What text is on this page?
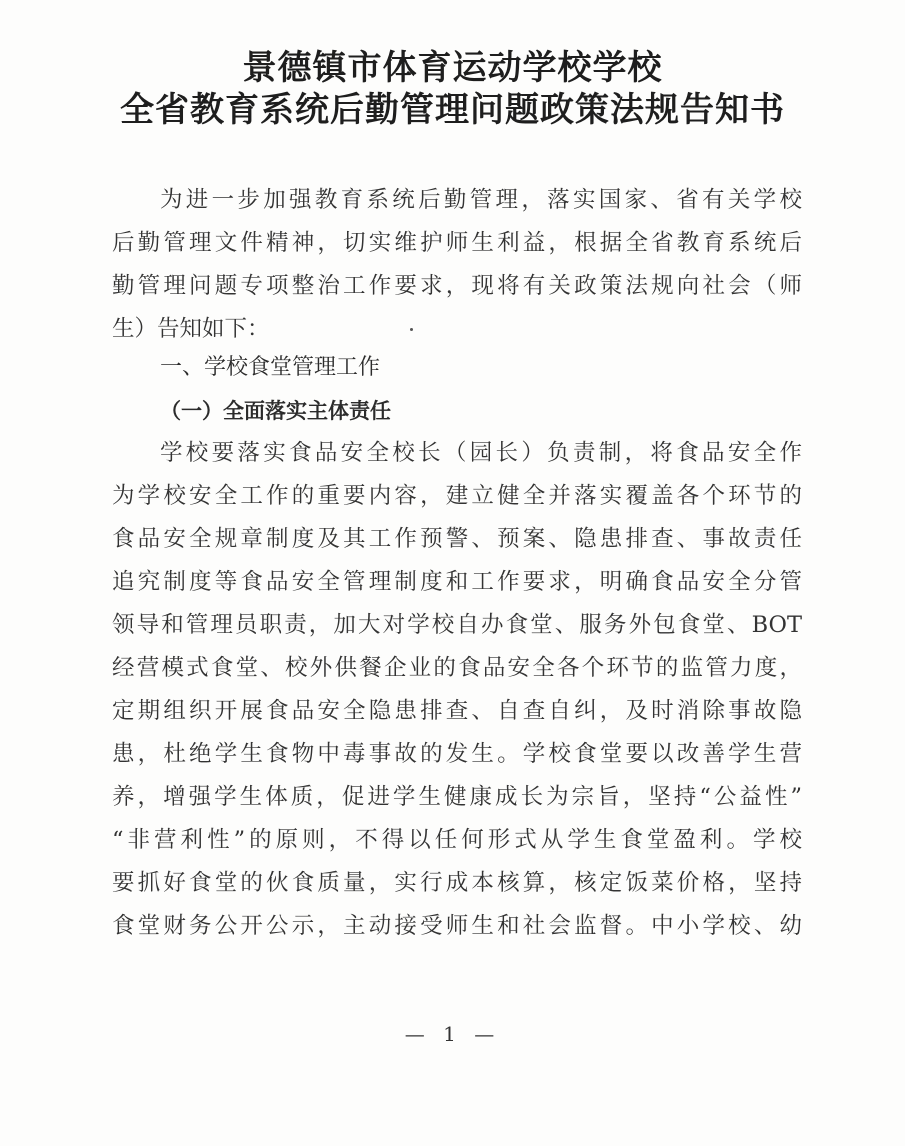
景德镇市体育运动学校学校
全省教育系统后勤管理问题政策法规告知书
为进一步加强教育系统后勤管理，落实国家、省有关学校
后勤管理文件精神，切实维护师生利益，根据全省教育系统后
勤管理问题专项整治工作要求，现将有关政策法规向社会（师
生）告知如下：
一、学校食堂管理工作
（一）全面落实主体责任
学校要落实食品安全校长（园长）负责制，将食品安全作
为学校安全工作的重要内容，建立健全并落实覆盖各个环节的
食品安全规章制度及其工作预警、预案、隐患排查、事故责任
追究制度等食品安全管理制度和工作要求，明确食品安全分管
领导和管理员职责，加大对学校自办食堂、服务外包食堂、BOT
经营模式食堂、校外供餐企业的食品安全各个环节的监管力度，
定期组织开展食品安全隐患排查、自查自纠，及时消除事故隐
患，杜绝学生食物中毒事故的发生。学校食堂要以改善学生营
养，增强学生体质，促进学生健康成长为宗旨，坚持“公益性”
“非营利性”的原则，不得以任何形式从学生食堂盈利。学校
要抓好食堂的伙食质量，实行成本核算，核定饭菜价格，坚持
食堂财务公开公示，主动接受师生和社会监督。中小学校、幼
— 1 —
